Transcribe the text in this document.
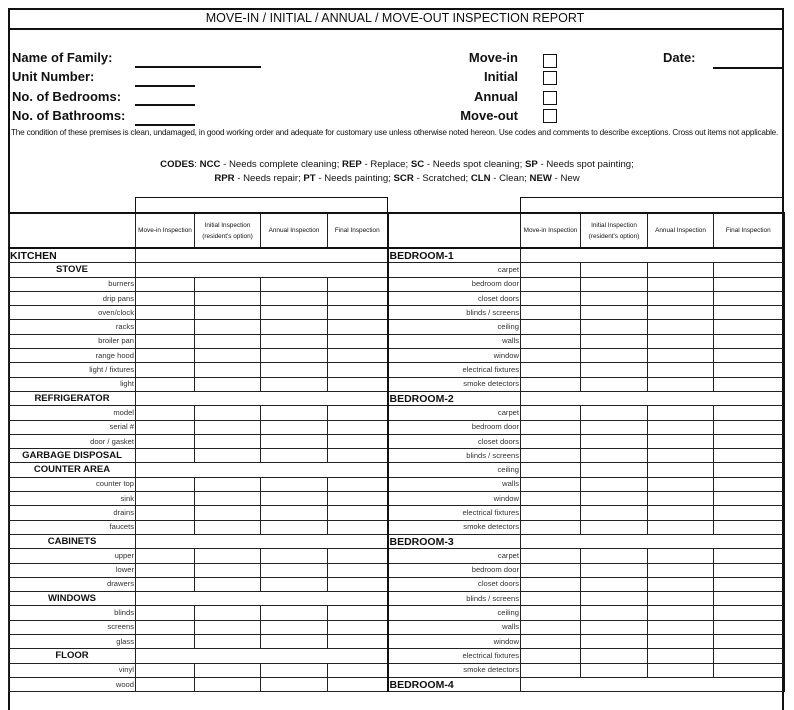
MOVE-IN / INITIAL / ANNUAL / MOVE-OUT INSPECTION REPORT
Name of Family:
Unit Number:
No. of Bedrooms:
No. of Bathrooms:
Move-in
Initial
Annual
Move-out
Date:
The condition of these premises is clean, undamaged, in good working order and adequate for customary use unless otherwise noted hereon. Use codes and comments to describe exceptions. Cross out items not applicable.
CODES: NCC - Needs complete cleaning; REP - Replace; SC - Needs spot cleaning; SP - Needs spot painting;
RPR - Needs repair; PT - Needs painting; SCR - Scratched; CLN - Clean; NEW - New
	Move-in Inspection	Initial Inspection (resident's option)	Annual Inspection	Final Inspection		Move-in Inspection	Initial Inspection (resident's option)	Annual Inspection	Final Inspection
KITCHEN					BEDROOM-1				
STOVE					carpet				
burners					bedroom door				
drip pans					closet doors				
oven/clock					blinds / screens				
racks					ceiling				
broiler pan					walls				
range hood					window				
light / fixtures					electrical fixtures				
light					smoke detectors				
REFRIGERATOR					BEDROOM-2				
model					carpet				
serial #					bedroom door				
door / gasket					closet doors				
GARBAGE DISPOSAL					blinds / screens				
COUNTER AREA					ceiling				
counter top					walls				
sink					window				
drains					electrical fixtures				
faucets					smoke detectors				
CABINETS					BEDROOM-3				
upper					carpet				
lower					bedroom door				
drawers					closet doors				
WINDOWS					blinds / screens				
blinds					ceiling				
screens					walls				
glass					window				
FLOOR					electrical fixtures				
vinyl					smoke detectors				
wood					BEDROOM-4				
